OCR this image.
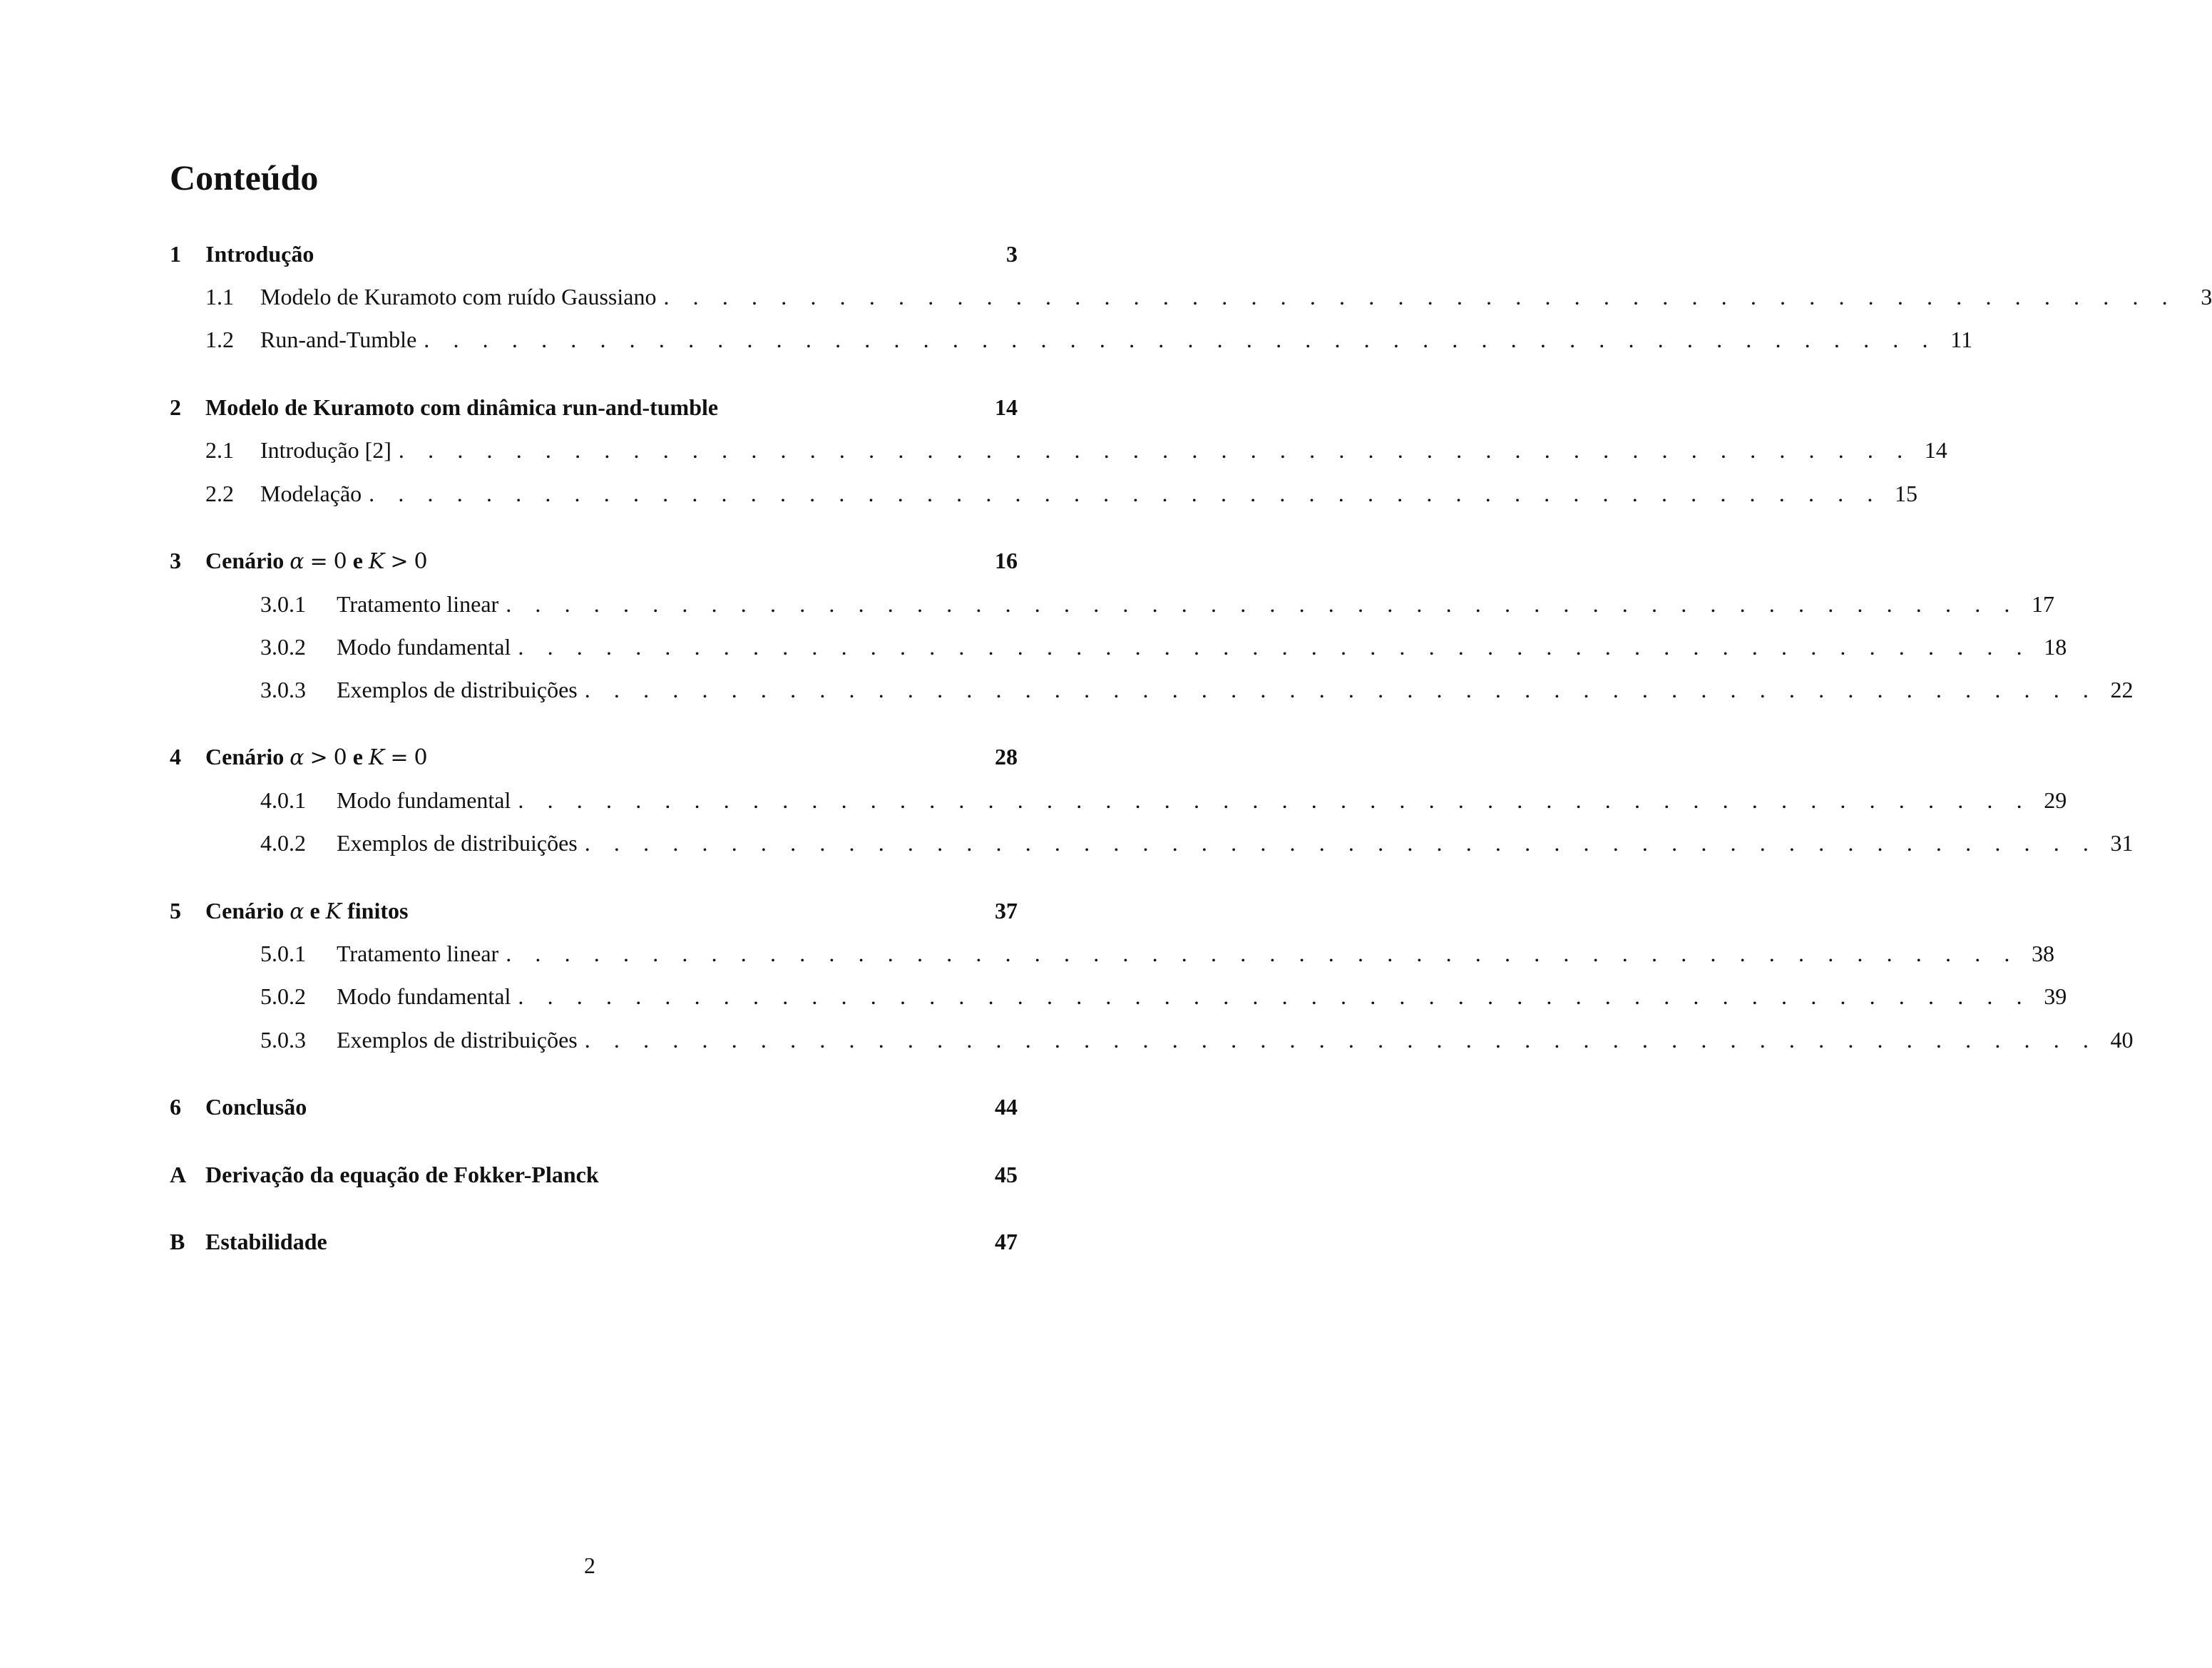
Conteúdo
1	Introdução	3
1.1	Modelo de Kuramoto com ruído Gaussiano . . . . . . . . . . . . . . . . . . . . . . . . . . . . . . . . . . . . . . . . . . . . . . . . . . . .	3
1.2	Run-and-Tumble . . . . . . . . . . . . . . . . . . . . . . . . . . . . . . . . . . . . . . . . . . . . . . . . . . . . 11
2	Modelo de Kuramoto com dinâmica run-and-tumble	14
2.1	Introdução [2] . . . . . . . . . . . . . . . . . . . . . . . . . . . . . . . . . . . . . . . . . . . . . . . . . . . . 14
2.2	Modelação . . . . . . . . . . . . . . . . . . . . . . . . . . . . . . . . . . . . . . . . . . . . . . . . . . . . 15
3	Cenário α = 0 e K > 0	16
3.0.1	Tratamento linear . . . . . . . . . . . . . . . . . . . . . . . . . . . . . . . . . . . . . . . . . . . . . . . . . . . . 17
3.0.2	Modo fundamental . . . . . . . . . . . . . . . . . . . . . . . . . . . . . . . . . . . . . . . . . . . . . . . . . . . . 18
3.0.3	Exemplos de distribuições . . . . . . . . . . . . . . . . . . . . . . . . . . . . . . . . . . . . . . . . . . . . . . . . . . . . 22
4	Cenário α > 0 e K = 0	28
4.0.1	Modo fundamental . . . . . . . . . . . . . . . . . . . . . . . . . . . . . . . . . . . . . . . . . . . . . . . . . . . . 29
4.0.2	Exemplos de distribuições . . . . . . . . . . . . . . . . . . . . . . . . . . . . . . . . . . . . . . . . . . . . . . . . . . . . 31
5	Cenário α e K finitos	37
5.0.1	Tratamento linear . . . . . . . . . . . . . . . . . . . . . . . . . . . . . . . . . . . . . . . . . . . . . . . . . . . . 38
5.0.2	Modo fundamental . . . . . . . . . . . . . . . . . . . . . . . . . . . . . . . . . . . . . . . . . . . . . . . . . . . . 39
5.0.3	Exemplos de distribuições . . . . . . . . . . . . . . . . . . . . . . . . . . . . . . . . . . . . . . . . . . . . . . . . . . . . 40
6	Conclusão	44
A Derivação da equação de Fokker-Planck	45
B Estabilidade	47
2
